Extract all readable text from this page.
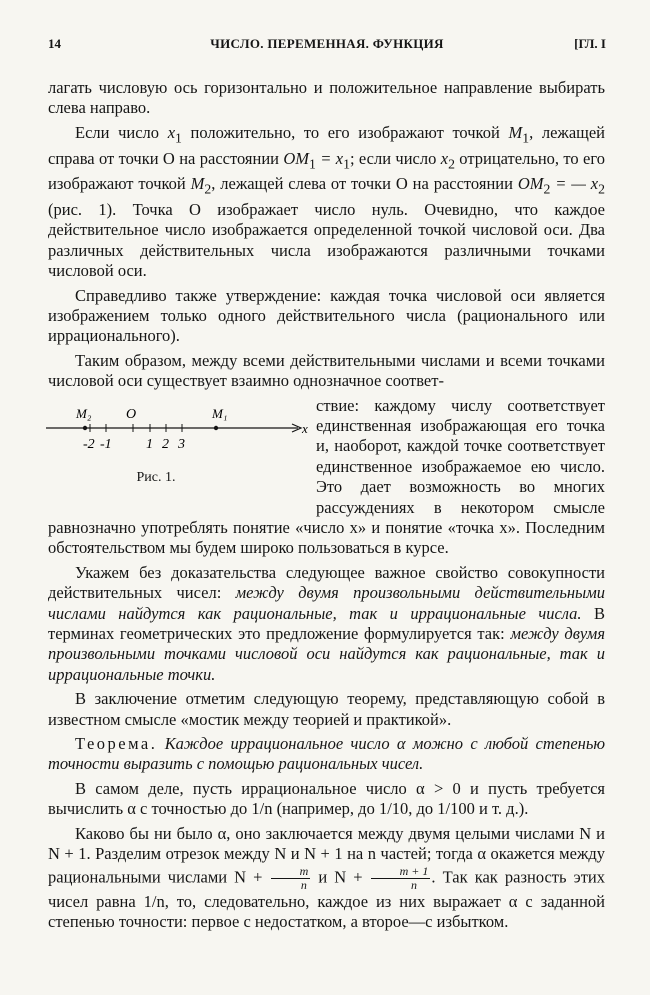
14	ЧИСЛО. ПЕРЕМЕННАЯ. ФУНКЦИЯ	[ГЛ. I

лагать числовую ось горизонтально и положительное направление выбирать слева направо.

Если число $x_1$ положительно, то его изображают точкой $M_1$, лежащей справа от точки O на расстоянии $OM_1 = x_1$; если число $x_2$ отрицательно, то его изображают точкой $M_2$, лежащей слева от точки O на расстоянии $OM_2$ = — $x_2$ (рис. 1). Точка O изображает число нуль. Очевидно, что каждое действительное число изображается определенной точкой числовой оси. Два различных действительных числа изображаются различными точками числовой оси.

Справедливо также утверждение: каждая точка числовой оси является изображением только одного действительного числа (рационального или иррационального).

Таким образом, между всеми действительными числами и всеми точками числовой оси существует взаимно однозначное соответ-

M₂ O	M₁
x
-2 -1 1 2 3
Рис. 1.

ствие: каждому числу соответствует единственная изображающая его точка и, наоборот, каждой точке соответствует единственное изображаемое ею число. Это дает возможность во многих рассуждениях в некотором смысле равнозначно употреблять понятие «число x» и понятие «точка x». Последним обстоятельством мы будем широко пользоваться в курсе.

Укажем без доказательства следующее важное свойство совокупности действительных чисел: между двумя произвольными действительными числами найдутся как рациональные, так и иррациональные числа. В терминах геометрических это предложение формулируется так: между двумя произвольными точками числовой оси найдутся как рациональные, так и иррациональные точки.

В заключение отметим следующую теорему, представляющую собой в известном смысле «мостик между теорией и практикой».

Теорема. Каждое иррациональное число α можно с любой степенью точности выразить с помощью рациональных чисел.

В самом деле, пусть иррациональное число α > 0 и пусть требуется вычислить α с точностью до 1/n (например, до 1/10, до 1/100 и т. д.).

Каково бы ни было α, оно заключается между двумя целыми числами N и N + 1. Разделим отрезок между N и N + 1 на n частей; тогда α окажется между рациональными числами $N + \frac{m}{n}$ и $N + \frac{m + 1}{n}$ . Так как разность этих чисел равна 1/n, то, следовательно, каждое из них выражает α с заданной степенью точности: первое с недостатком, а второе—с избытком.
